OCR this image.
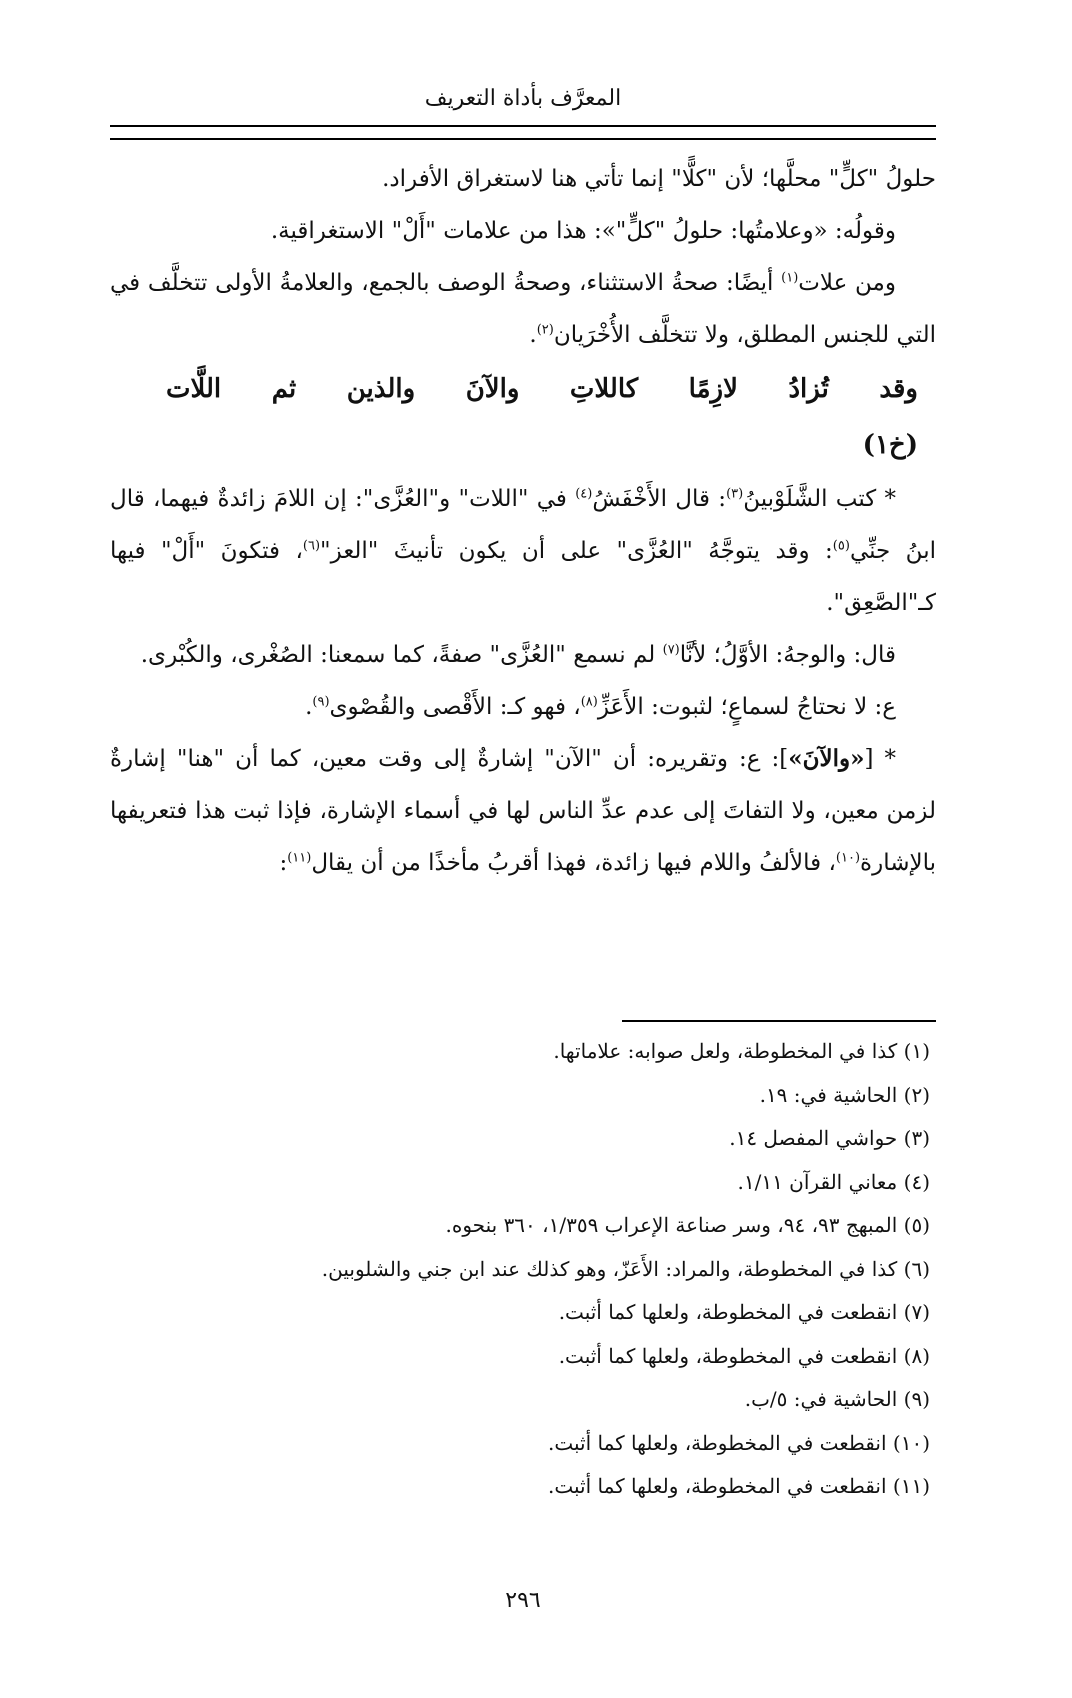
المعرَّف بأداة التعريف

حلولُ "كلٍّ" محلَّها؛ لأن "كلًّا" إنما تأتي هنا لاستغراق الأفراد.

وقولُه: «وعلامتُها: حلولُ "كلٍّ"»: هذا من علامات "أَلْ" الاستغراقية.

ومن علات$^{(١)}$ أيضًا: صحةُ الاستثناء، وصحةُ الوصف بالجمع، والعلامةُ الأولى تتخلَّف في التي للجنس المطلق، ولا تتخلَّف الأُخْرَيان$^{(٢)}$.

وقد
تُزادُ
لازِمًا
كاللاتِ
والآنَ
والذين
ثم
اللَّات
(خ١)

* كتب الشَّلَوْبينُ$^{(٣)}$: قال الأَخْفَشُ$^{(٤)}$ في "اللات" و"العُزَّى": إن اللامَ زائدةٌ فيهما، قال ابنُ جنِّي$^{(٥)}$: وقد يتوجَّهُ "العُزَّى" على أن يكون تأنيثَ "العز"$^{(٦)}$، فتكونَ "أَلْ" فيها كـ"الصَّعِق".

قال: والوجهُ: الأوَّلُ؛ لأنَّا$^{(٧)}$ لم نسمع "العُزَّى" صفةً، كما سمعنا: الصُغْرى، والكُبْرى.

ع: لا نحتاجُ لسماعٍ؛ لثبوت: الأَعَزِّ$^{(٨)}$، فهو كـ: الأَقْصى والقُصْوى$^{(٩)}$.

* [«والآنَ»]: ع: وتقريره: أن "الآن" إشارةٌ إلى وقت معين، كما أن "هنا" إشارةٌ لزمن معين، ولا التفاتَ إلى عدم عدِّ الناس لها في أسماء الإشارة، فإذا ثبت هذا فتعريفها بالإشارة$^{(١٠)}$، فالألفُ واللام فيها زائدة، فهذا أقربُ مأخذًا من أن يقال$^{(١١)}$:

(١) كذا في المخطوطة، ولعل صوابه: علاماتها.
(٢) الحاشية في: ١٩.
(٣) حواشي المفصل ١٤.
(٤) معاني القرآن ١/١١.
(٥) المبهج ٩٣، ٩٤، وسر صناعة الإعراب ١/٣٥٩، ٣٦٠ بنحوه.
(٦) كذا في المخطوطة، والمراد: الأَعَزّ، وهو كذلك عند ابن جني والشلوبين.
(٧) انقطعت في المخطوطة، ولعلها كما أثبت.
(٨) انقطعت في المخطوطة، ولعلها كما أثبت.
(٩) الحاشية في: ٥/ب.
(١٠) انقطعت في المخطوطة، ولعلها كما أثبت.
(١١) انقطعت في المخطوطة، ولعلها كما أثبت.
٢٩٦
